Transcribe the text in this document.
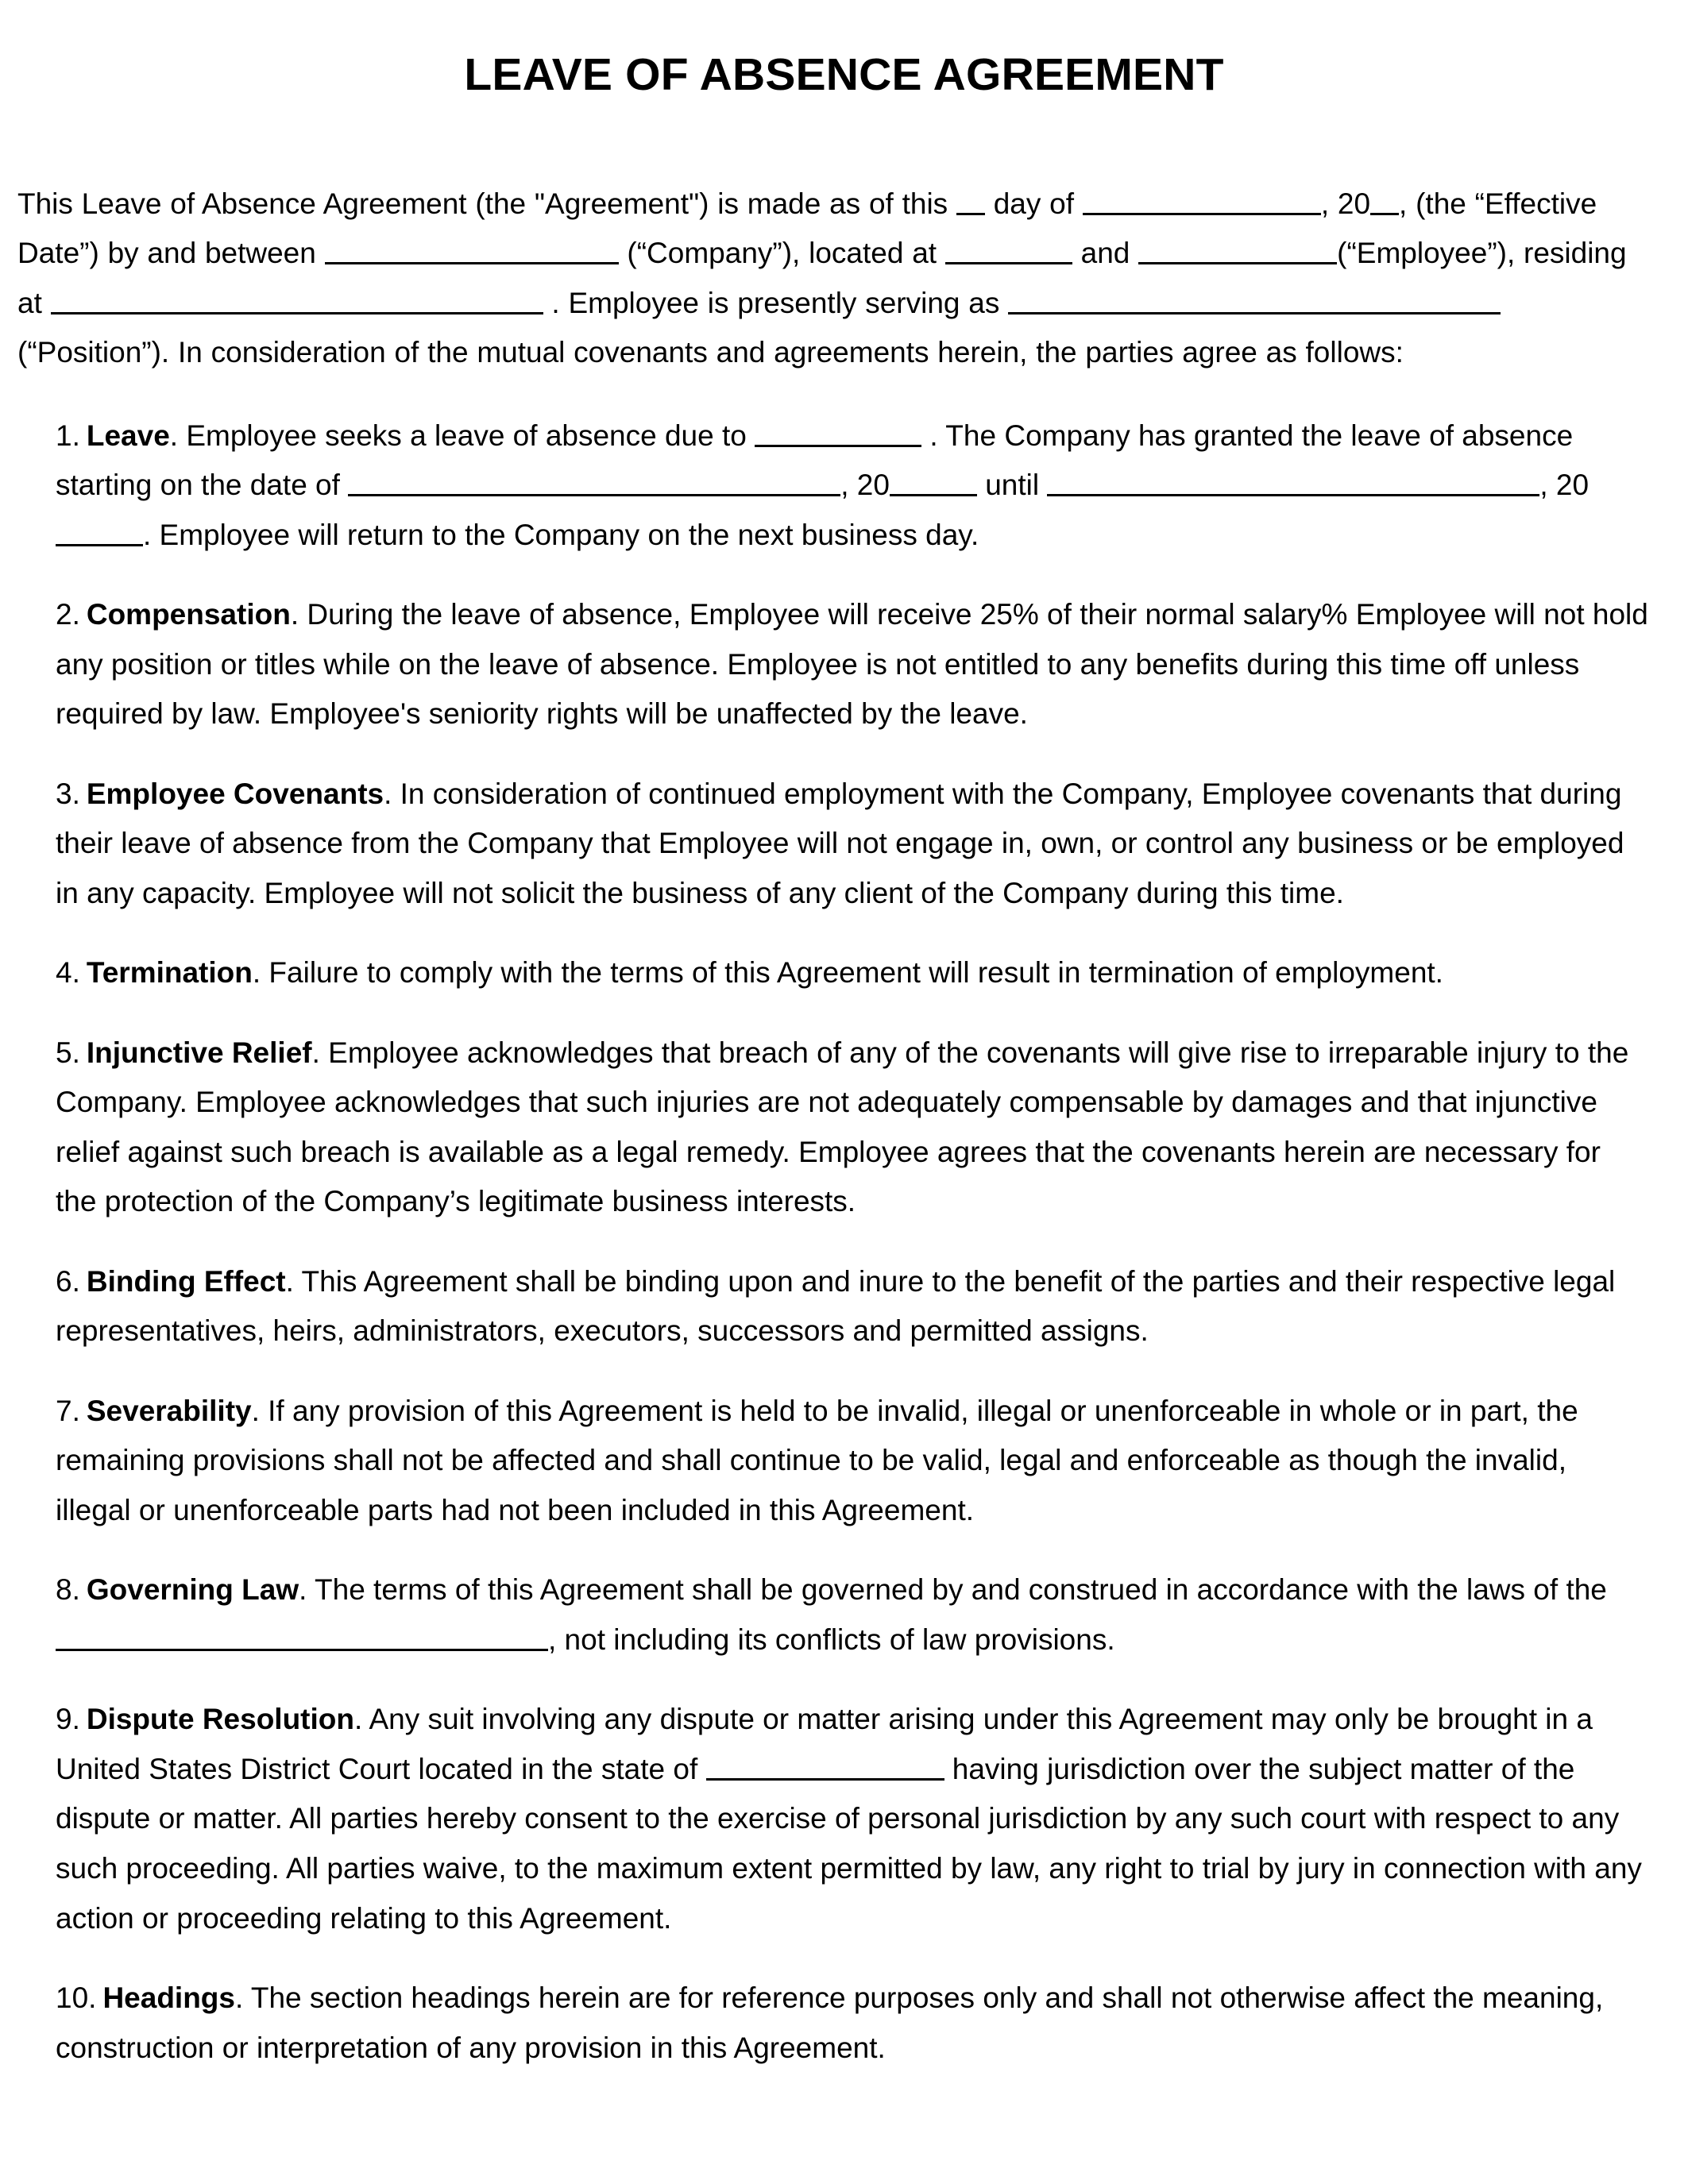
LEAVE OF ABSENCE AGREEMENT

This Leave of Absence Agreement (the "Agreement") is made as of this  day of	, 20 , (the “Effective Date”) by and between	(“Company”), located at	and	(“Employee”), residing at	. Employee is presently serving as (“Position”). In consideration of the mutual covenants and agreements herein, the parties agree as follows:

1. Leave. Employee seeks a leave of absence due to	. The Company has granted the leave of absence starting on the date of	, 20	until	, 20. Employee will return to the Company on the next business day.

2. Compensation. During the leave of absence, Employee will receive 25% of their normal salary% Employee will not hold any position or titles while on the leave of absence. Employee is not entitled to any benefits during this time off unless required by law. Employee's seniority rights will be unaffected by the leave.

3. Employee Covenants. In consideration of continued employment with the Company, Employee covenants that during their leave of absence from the Company that Employee will not engage in, own, or control any business or be employed in any capacity. Employee will not solicit the business of any client of the Company during this time.

4. Termination. Failure to comply with the terms of this Agreement will result in termination of employment.

5. Injunctive Relief. Employee acknowledges that breach of any of the covenants will give rise to irreparable injury to the Company. Employee acknowledges that such injuries are not adequately compensable by damages and that injunctive relief against such breach is available as a legal remedy. Employee agrees that the covenants herein are necessary for the protection of the Company’s legitimate business interests.

6. Binding Effect. This Agreement shall be binding upon and inure to the benefit of the parties and their respective legal representatives, heirs, administrators, executors, successors and permitted assigns.

7. Severability. If any provision of this Agreement is held to be invalid, illegal or unenforceable in whole or in part, the remaining provisions shall not be affected and shall continue to be valid, legal and enforceable as though the invalid, illegal or unenforceable parts had not been included in this Agreement.

8. Governing Law. The terms of this Agreement shall be governed by and construed in accordance with the laws of the , not including its conflicts of law provisions.

9. Dispute Resolution. Any suit involving any dispute or matter arising under this Agreement may only be brought in a United States District Court located in the state of	having jurisdiction over the subject matter of the dispute or matter. All parties hereby consent to the exercise of personal jurisdiction by any such court with respect to any such proceeding. All parties waive, to the maximum extent permitted by law, any right to trial by jury in connection with any action or proceeding relating to this Agreement.

10. Headings. The section headings herein are for reference purposes only and shall not otherwise affect the meaning, construction or interpretation of any provision in this Agreement.
